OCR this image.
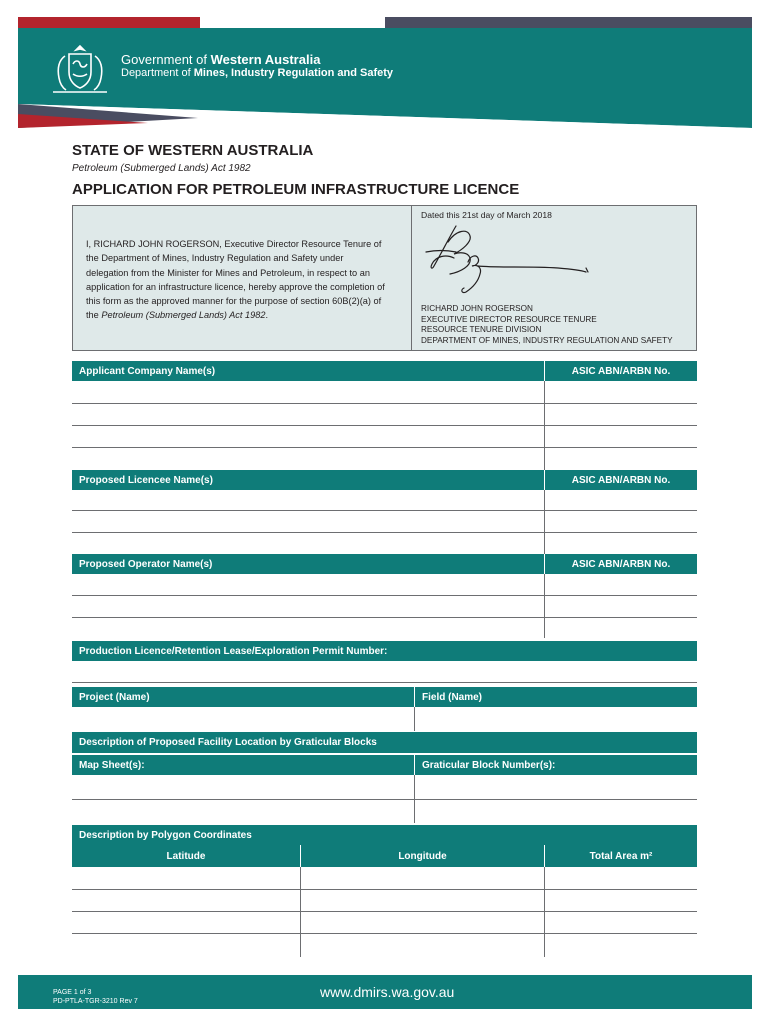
Government of Western Australia
Department of Mines, Industry Regulation and Safety
STATE OF WESTERN AUSTRALIA
Petroleum (Submerged Lands) Act 1982
APPLICATION FOR PETROLEUM INFRASTRUCTURE LICENCE
I, RICHARD JOHN ROGERSON, Executive Director Resource Tenure of the Department of Mines, Industry Regulation and Safety under delegation from the Minister for Mines and Petroleum, in respect to an application for an infrastructure licence, hereby approve the completion of this form as the approved manner for the purpose of section 60B(2)(a) of the Petroleum (Submerged Lands) Act 1982.
Dated this 21st day of March 2018
RICHARD JOHN ROGERSON
EXECUTIVE DIRECTOR RESOURCE TENURE
RESOURCE TENURE DIVISION
DEPARTMENT OF MINES, INDUSTRY REGULATION AND SAFETY
Applicant Company Name(s)	ASIC ABN/ARBN No.
Proposed Licencee Name(s)	ASIC ABN/ARBN No.
Proposed Operator Name(s)	ASIC ABN/ARBN No.
Production Licence/Retention Lease/Exploration Permit Number:
Project (Name)	Field (Name)
Description of Proposed Facility Location by Graticular Blocks
Map Sheet(s):	Graticular Block Number(s):
Description by Polygon Coordinates
Latitude	Longitude	Total Area m²
PAGE 1 of 3
PD-PTLA-TGR-3210 Rev 7
www.dmirs.wa.gov.au
